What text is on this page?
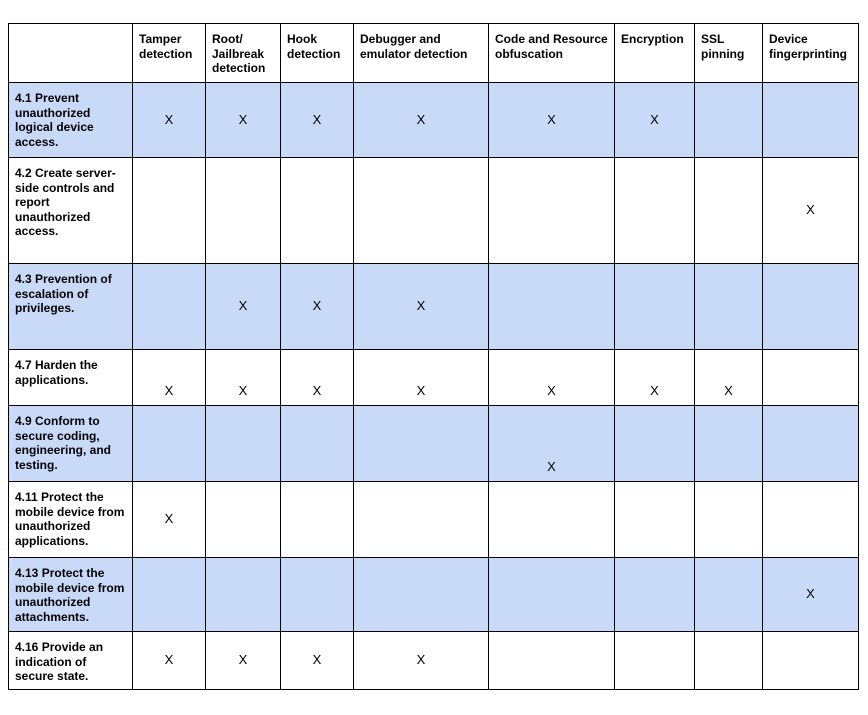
	Tamper detection	Root/ Jailbreak detection	Hook detection	Debugger and emulator detection	Code and Resource obfuscation	Encryption	SSL pinning	Device fingerprinting
4.1 Prevent unauthorized logical device access.	X	X	X	X	X	X		
4.2 Create server-side controls and report unauthorized access.								X
4.3 Prevention of escalation of privileges.		X	X	X				
4.7 Harden the applications.	X	X	X	X	X	X	X	
4.9 Conform to secure coding, engineering, and testing.					X			
4.11 Protect the mobile device from unauthorized applications.	X							
4.13 Protect the mobile device from unauthorized attachments.								X
4.16 Provide an indication of secure state.	X	X	X	X				
